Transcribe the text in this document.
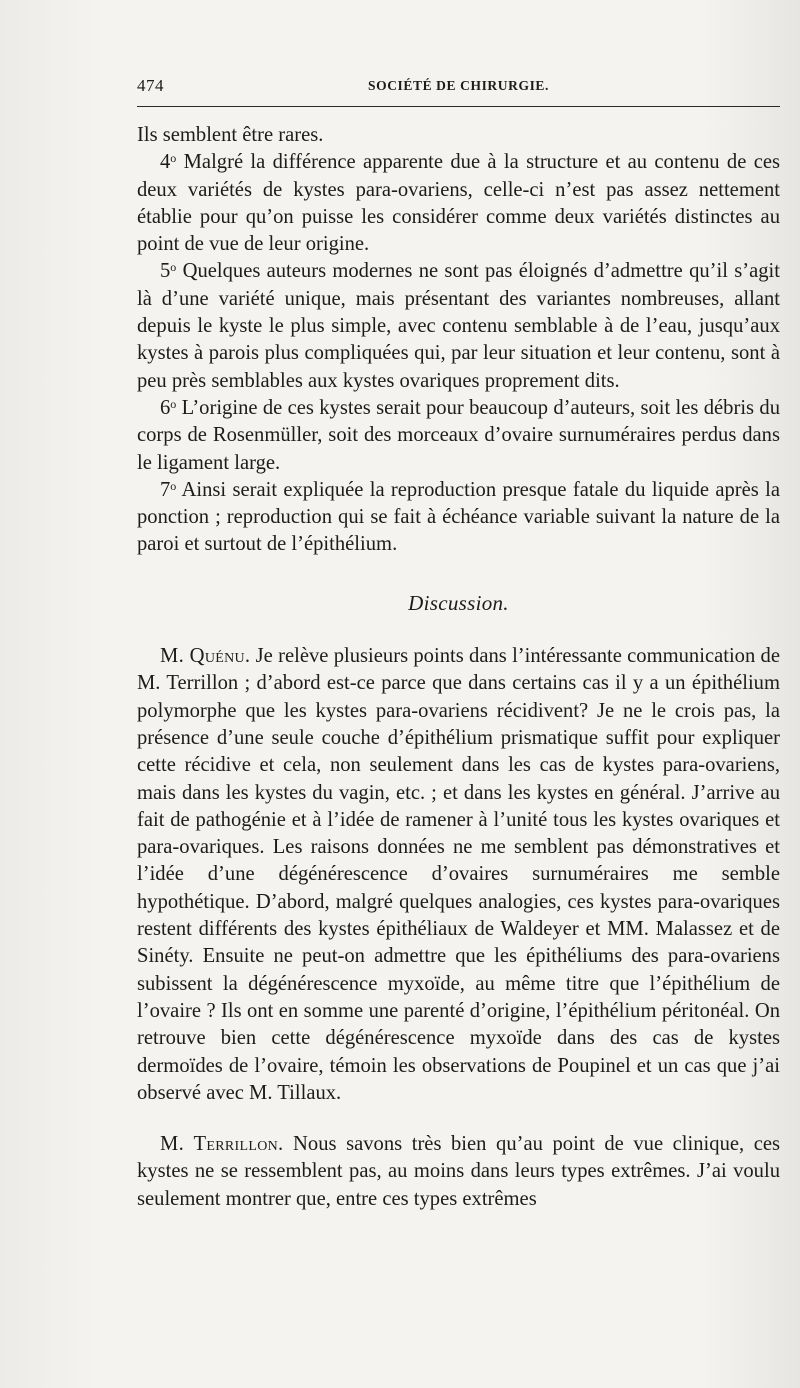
474	SOCIÉTÉ DE CHIRURGIE.

Ils semblent être rares.

4$^o$ Malgré la différence apparente due à la structure et au contenu de ces deux variétés de kystes para-ovariens, celle-ci n’est pas assez nettement établie pour qu’on puisse les considérer comme deux variétés distinctes au point de vue de leur origine.

5$^o$ Quelques auteurs modernes ne sont pas éloignés d’admettre qu’il s’agit là d’une variété unique, mais présentant des variantes nombreuses, allant depuis le kyste le plus simple, avec contenu semblable à de l’eau, jusqu’aux kystes à parois plus compliquées qui, par leur situation et leur contenu, sont à peu près semblables aux kystes ovariques proprement dits.

6$^o$ L’origine de ces kystes serait pour beaucoup d’auteurs, soit les débris du corps de Rosenmüller, soit des morceaux d’ovaire surnuméraires perdus dans le ligament large.

7$^o$ Ainsi serait expliquée la reproduction presque fatale du liquide après la ponction ; reproduction qui se fait à échéance variable suivant la nature de la paroi et surtout de l’épithélium.

Discussion.

M. Quénu. Je relève plusieurs points dans l’intéressante communication de M. Terrillon ; d’abord est-ce parce que dans certains cas il y a un épithélium polymorphe que les kystes para-ovariens récidivent? Je ne le crois pas, la présence d’une seule couche d’épithélium prismatique suffit pour expliquer cette récidive et cela, non seulement dans les cas de kystes para-ovariens, mais dans les kystes du vagin, etc. ; et dans les kystes en général. J’arrive au fait de pathogénie et à l’idée de ramener à l’unité tous les kystes ovariques et para-ovariques. Les raisons données ne me semblent pas démonstratives et l’idée d’une dégénérescence d’ovaires surnuméraires me semble hypothétique. D’abord, malgré quelques analogies, ces kystes para-ovariques restent différents des kystes épithéliaux de Waldeyer et MM. Malassez et de Sinéty. Ensuite ne peut-on admettre que les épithéliums des para-ovariens subissent la dégénérescence myxoïde, au même titre que l’épithélium de l’ovaire ? Ils ont en somme une parenté d’origine, l’épithélium péritonéal. On retrouve bien cette dégénérescence myxoïde dans des cas de kystes dermoïdes de l’ovaire, témoin les observations de Poupinel et un cas que j’ai observé avec M. Tillaux.

M. Terrillon. Nous savons très bien qu’au point de vue clinique, ces kystes ne se ressemblent pas, au moins dans leurs types extrêmes. J’ai voulu seulement montrer que, entre ces types extrêmes
